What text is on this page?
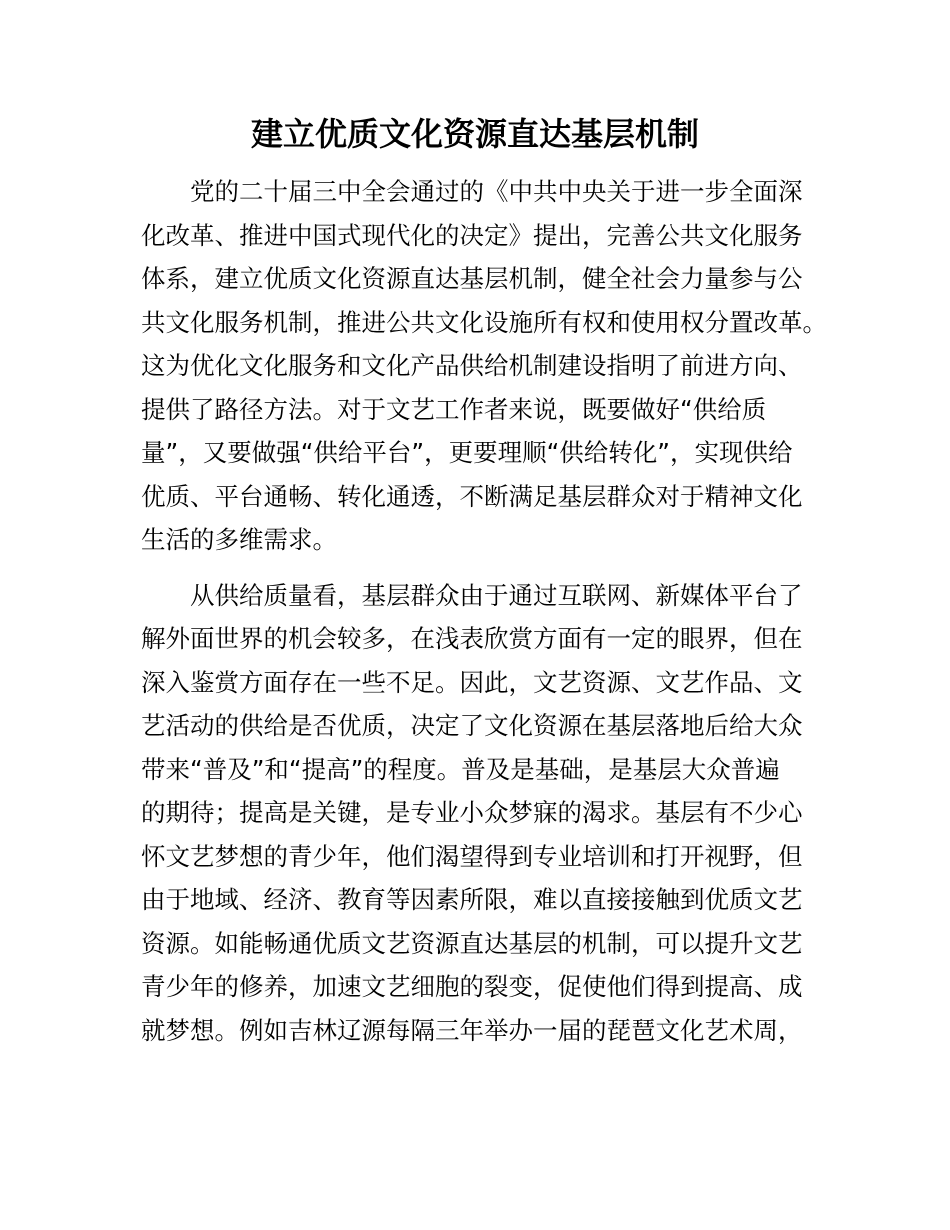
建立优质文化资源直达基层机制
党的二十届三中全会通过的《中共中央关于进一步全面深
化改革、推进中国式现代化的决定》提出，完善公共文化服务
体系，建立优质文化资源直达基层机制，健全社会力量参与公
共文化服务机制，推进公共文化设施所有权和使用权分置改革。
这为优化文化服务和文化产品供给机制建设指明了前进方向、
提供了路径方法。对于文艺工作者来说，既要做好“供给质
量”，又要做强“供给平台”，更要理顺“供给转化”，实现供给
优质、平台通畅、转化通透，不断满足基层群众对于精神文化
生活的多维需求。
从供给质量看，基层群众由于通过互联网、新媒体平台了
解外面世界的机会较多，在浅表欣赏方面有一定的眼界，但在
深入鉴赏方面存在一些不足。因此，文艺资源、文艺作品、文
艺活动的供给是否优质，决定了文化资源在基层落地后给大众
带来“普及”和“提高”的程度。普及是基础，是基层大众普遍
的期待；提高是关键，是专业小众梦寐的渴求。基层有不少心
怀文艺梦想的青少年，他们渴望得到专业培训和打开视野，但
由于地域、经济、教育等因素所限，难以直接接触到优质文艺
资源。如能畅通优质文艺资源直达基层的机制，可以提升文艺
青少年的修养，加速文艺细胞的裂变，促使他们得到提高、成
就梦想。例如吉林辽源每隔三年举办一届的琵琶文化艺术周，
